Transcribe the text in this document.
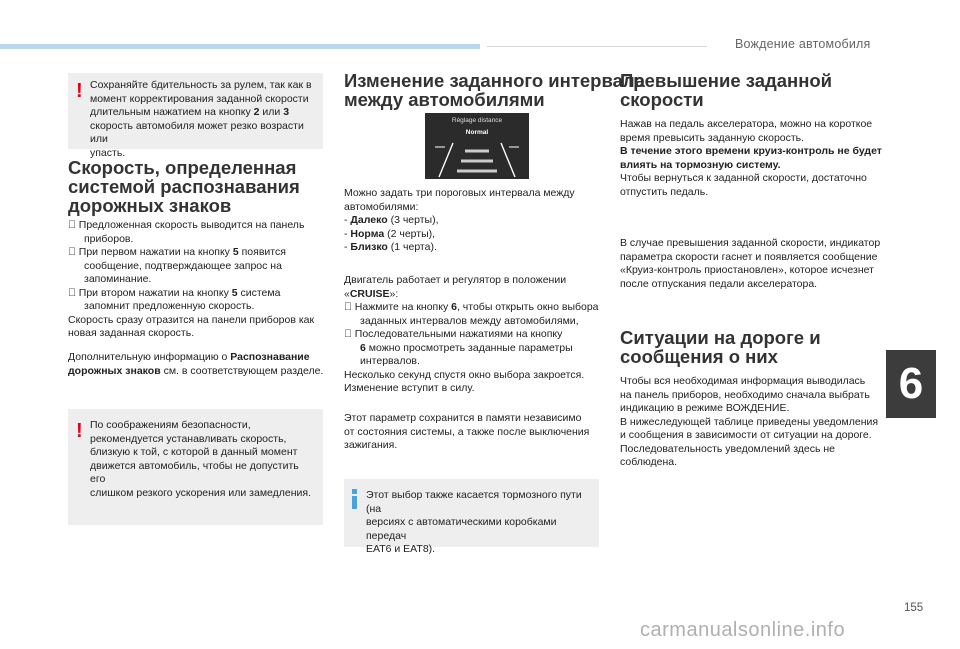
Вождение автомобиля
! Сохраняйте бдительность за рулем, так как в
момент корректирования заданной скорости
длительным нажатием на кнопку 2 или 3
скорость автомобиля может резко возрасти или
упасть.
Скорость, определенная
системой распознавания
дорожных знаков
Предложенная скорость выводится на панель
приборов.
При первом нажатии на кнопку 5 появится
сообщение, подтверждающее запрос на
запоминание.
При втором нажатии на кнопку 5 система
запомнит предложенную скорость.
Скорость сразу отразится на панели приборов как
новая заданная скорость.
Дополнительную информацию о Распознавание
дорожных знаков см. в соответствующем разделе.
! По соображениям безопасности,
рекомендуется устанавливать скорость,
близкую к той, с которой в данный момент
движется автомобиль, чтобы не допустить его
слишком резкого ускорения или замедления.
Изменение заданного интервала
между автомобилями
Réglage distance
Normal
Можно задать три пороговых интервала между
автомобилями:
- Далеко (3 черты),
- Норма (2 черты),
- Близко (1 черта).
Двигатель работает и регулятор в положении
«CRUISE»:
Нажмите на кнопку 6, чтобы открыть окно выбора
заданных интервалов между автомобилями,
Последовательными нажатиями на кнопку
6 можно просмотреть заданные параметры
интервалов.
Несколько секунд спустя окно выбора закроется.
Изменение вступит в силу.
Этот параметр сохранится в памяти независимо
от состояния системы, а также после выключения
зажигания.
Этот выбор также касается тормозного пути (на
версиях с автоматическими коробками передач
EAT6 и EAT8).
Превышение заданной
скорости
Нажав на педаль акселератора, можно на короткое
время превысить заданную скорость.
В течение этого времени круиз-контроль не будет
влиять на тормозную систему.
Чтобы вернуться к заданной скорости, достаточно
отпустить педаль.
В случае превышения заданной скорости, индикатор
параметра скорости гаснет и появляется сообщение
«Круиз-контроль приостановлен», которое исчезнет
после отпускания педали акселератора.
Ситуации на дороге и
сообщения о них
Чтобы вся необходимая информация выводилась
на панель приборов, необходимо сначала выбрать
индикацию в режиме ВОЖДЕНИЕ.
В нижеследующей таблице приведены уведомления
и сообщения в зависимости от ситуации на дороге.
Последовательность уведомлений здесь не
соблюдена.
6
155
carmanualsonline.info
